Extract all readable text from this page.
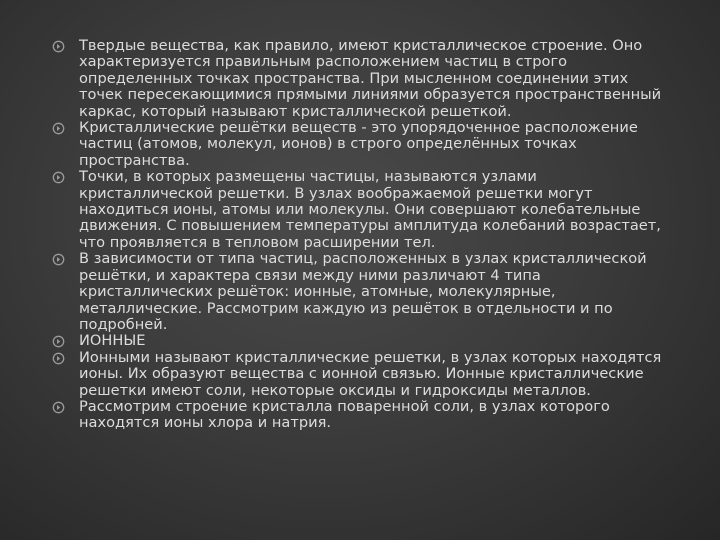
Твердые вещества, как правило, имеют кристаллическое строение. Оно характеризуется правильным расположением частиц в строго определенных точках пространства. При мысленном соединении этих точек пересекающимися прямыми линиями образуется пространственный каркас, который называют кристаллической решеткой.
Кристаллические решётки веществ - это упорядоченное расположение частиц (атомов, молекул, ионов) в строго определённых точках пространства.
Точки, в которых размещены частицы, называются узлами кристаллической решетки. В узлах воображаемой решетки могут находиться ионы, атомы или молекулы. Они совершают колебательные движения. С повышением температуры амплитуда колебаний возрастает, что проявляется в тепловом расширении тел.
В зависимости от типа частиц, расположенных в узлах кристаллической решётки, и характера связи между ними различают 4 типа кристаллических решёток: ионные, атомные, молекулярные, металлические. Рассмотрим каждую из решёток в отдельности и по подробней.
ИОННЫЕ
Ионными называют кристаллические решетки, в узлах которых находятся ионы. Их образуют вещества с ионной связью. Ионные кристаллические решетки имеют соли, некоторые оксиды и гидроксиды металлов.
Рассмотрим строение кристалла поваренной соли, в узлах которого находятся ионы хлора и натрия.
